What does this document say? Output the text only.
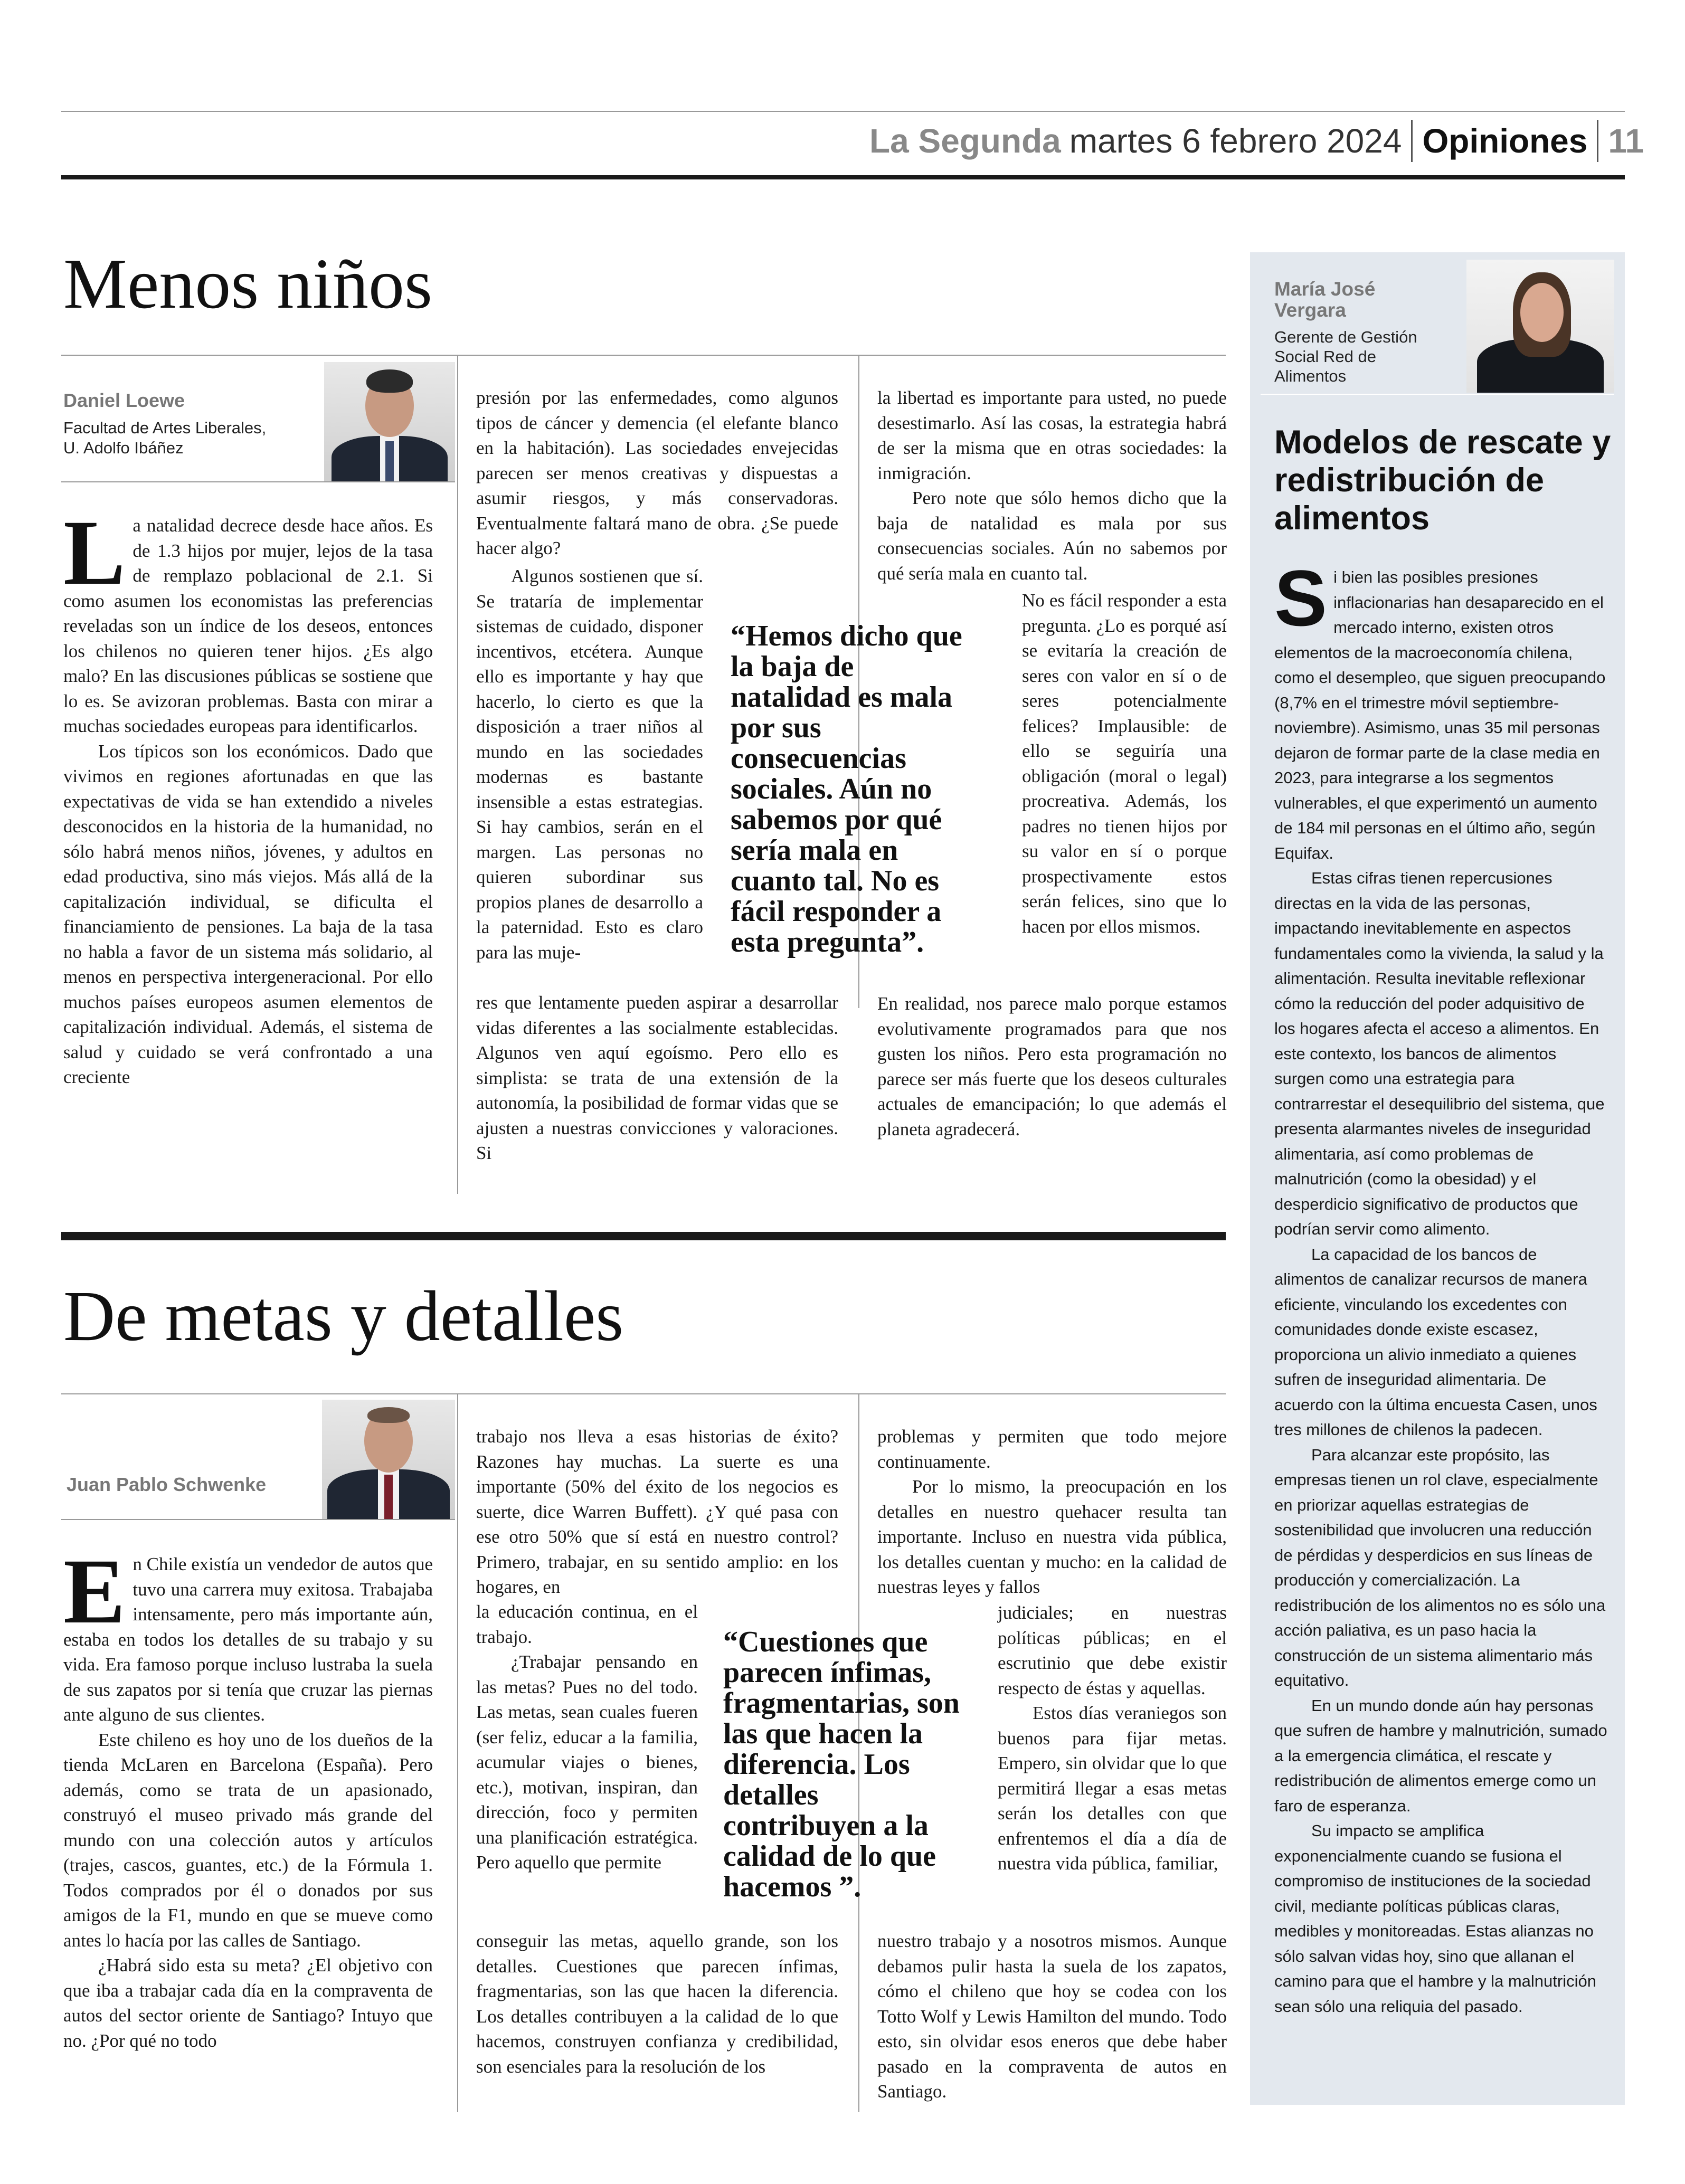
La Segunda martes 6 febrero 2024 Opiniones 11
Menos niños
Daniel Loewe
Facultad de Artes Liberales,
U. Adolfo Ibáñez
L a natalidad decrece desde hace años. Es de 1.3 hijos por mujer, lejos de la tasa de remplazo poblacional de 2.1. Si como asumen los economistas las preferencias reveladas son un índice de los deseos, entonces los chilenos no quieren tener hijos. ¿Es algo malo? En las discusiones públicas se sostiene que lo es. Se avizoran problemas. Basta con mirar a muchas sociedades europeas para identificarlos.

Los típicos son los económicos. Dado que vivimos en regiones afortunadas en que las expectativas de vida se han extendido a niveles desconocidos en la historia de la humanidad, no sólo habrá menos niños, jóvenes, y adultos en edad productiva, sino más viejos. Más allá de la capitalización individual, se dificulta el financiamiento de pensiones. La baja de la tasa no habla a favor de un sistema más solidario, al menos en perspectiva intergeneracional. Por ello muchos países europeos asumen elementos de capitalización individual. Además, el sistema de salud y cuidado se verá confrontado a una creciente

presión por las enfermedades, como algunos tipos de cáncer y demencia (el elefante blanco en la habitación). Las sociedades envejecidas parecen ser menos creativas y dispuestas a asumir riesgos, y más conservadoras. Eventualmente faltará mano de obra. ¿Se puede hacer algo?

Algunos sostienen que sí. Se trataría de implementar sistemas de cuidado, disponer incentivos, etcétera. Aunque ello es importante y hay que hacerlo, lo cierto es que la disposición a traer niños al mundo en las sociedades modernas es bastante insensible a estas estrategias. Si hay cambios, serán en el margen. Las personas no quieren subordinar sus propios planes de desarrollo a la paternidad. Esto es claro para las muje-

res que lentamente pueden aspirar a desarrollar vidas diferentes a las socialmente establecidas. Algunos ven aquí egoísmo. Pero ello es simplista: se trata de una extensión de la autonomía, la posibilidad de formar vidas que se ajusten a nuestras convicciones y valoraciones. Si

“Hemos dicho que la baja de natalidad es mala por sus consecuencias sociales. Aún no sabemos por qué sería mala en cuanto tal. No es fácil responder a esta pregunta”.

la libertad es importante para usted, no puede desestimarlo. Así las cosas, la estrategia habrá de ser la misma que en otras sociedades: la inmigración.

Pero note que sólo hemos dicho que la baja de natalidad es mala por sus consecuencias sociales. Aún no sabemos por qué sería mala en cuanto tal.

No es fácil responder a esta pregunta. ¿Lo es porqué así se evitaría la creación de seres con valor en sí o de seres potencialmente felices? Implausible: de ello se seguiría una obligación (moral o legal) procreativa. Además, los padres no tienen hijos por su valor en sí o porque prospectivamente estos serán felices, sino que lo hacen por ellos mismos.

En realidad, nos parece malo porque estamos evolutivamente programados para que nos gusten los niños. Pero esta programación no parece ser más fuerte que los deseos culturales actuales de emancipación; lo que además el planeta agradecerá.

De metas y detalles
Juan Pablo Schwenke
E n Chile existía un vendedor de autos que tuvo una carrera muy exitosa. Trabajaba intensamente, pero más importante aún, estaba en todos los detalles de su trabajo y su vida. Era famoso porque incluso lustraba la suela de sus zapatos por si tenía que cruzar las piernas ante alguno de sus clientes.

Este chileno es hoy uno de los dueños de la tienda McLaren en Barcelona (España). Pero además, como se trata de un apasionado, construyó el museo privado más grande del mundo con una colección autos y artículos (trajes, cascos, guantes, etc.) de la Fórmula 1. Todos comprados por él o donados por sus amigos de la F1, mundo en que se mueve como antes lo hacía por las calles de Santiago.

¿Habrá sido esta su meta? ¿El objetivo con que iba a trabajar cada día en la compraventa de autos del sector oriente de Santiago? Intuyo que no. ¿Por qué no todo

trabajo nos lleva a esas historias de éxito? Razones hay muchas. La suerte es una importante (50% del éxito de los negocios es suerte, dice Warren Buffett). ¿Y qué pasa con ese otro 50% que sí está en nuestro control? Primero, trabajar, en su sentido amplio: en los hogares, en

la educación continua, en el trabajo.

¿Trabajar pensando en las metas? Pues no del todo. Las metas, sean cuales fueren (ser feliz, educar a la familia, acumular viajes o bienes, etc.), motivan, inspiran, dan dirección, foco y permiten una planificación estratégica. Pero aquello que permite

conseguir las metas, aquello grande, son los detalles. Cuestiones que parecen ínfimas, fragmentarias, son las que hacen la diferencia. Los detalles contribuyen a la calidad de lo que hacemos, construyen confianza y credibilidad, son esenciales para la resolución de los

“Cuestiones que parecen ínfimas, fragmentarias, son las que hacen la diferencia. Los detalles contribuyen a la calidad de lo que hacemos ”.

problemas y permiten que todo mejore continuamente.

Por lo mismo, la preocupación en los detalles en nuestro quehacer resulta tan importante. Incluso en nuestra vida pública, los detalles cuentan y mucho: en la calidad de nuestras leyes y fallos

judiciales; en nuestras políticas públicas; en el escrutinio que debe existir respecto de éstas y aquellas.

Estos días veraniegos son buenos para fijar metas. Empero, sin olvidar que lo que permitirá llegar a esas metas serán los detalles con que enfrentemos el día a día de nuestra vida pública, familiar,

nuestro trabajo y a nosotros mismos. Aunque debamos pulir hasta la suela de los zapatos, cómo el chileno que hoy se codea con los Totto Wolf y Lewis Hamilton del mundo. Todo esto, sin olvidar esos eneros que debe haber pasado en la compraventa de autos en Santiago.

María José
Vergara
Gerente de Gestión
Social Red de
Alimentos
Modelos de rescate y redistribución de alimentos
S i bien las posibles presiones inflacionarias han desaparecido en el mercado interno, existen otros elementos de la macroeconomía chilena, como el desempleo, que siguen preocupando (8,7% en el trimestre móvil septiembre-noviembre). Asimismo, unas 35 mil personas dejaron de formar parte de la clase media en 2023, para integrarse a los segmentos vulnerables, el que experimentó un aumento de 184 mil personas en el último año, según Equifax.

Estas cifras tienen repercusiones directas en la vida de las personas, impactando inevitablemente en aspectos fundamentales como la vivienda, la salud y la alimentación. Resulta inevitable reflexionar cómo la reducción del poder adquisitivo de los hogares afecta el acceso a alimentos. En este contexto, los bancos de alimentos surgen como una estrategia para contrarrestar el desequilibrio del sistema, que presenta alarmantes niveles de inseguridad alimentaria, así como problemas de malnutrición (como la obesidad) y el desperdicio significativo de productos que podrían servir como alimento.

La capacidad de los bancos de alimentos de canalizar recursos de manera eficiente, vinculando los excedentes con comunidades donde existe escasez, proporciona un alivio inmediato a quienes sufren de inseguridad alimentaria. De acuerdo con la última encuesta Casen, unos tres millones de chilenos la padecen.

Para alcanzar este propósito, las empresas tienen un rol clave, especialmente en priorizar aquellas estrategias de sostenibilidad que involucren una reducción de pérdidas y desperdicios en sus líneas de producción y comercialización. La redistribución de los alimentos no es sólo una acción paliativa, es un paso hacia la construcción de un sistema alimentario más equitativo.

En un mundo donde aún hay personas que sufren de hambre y malnutrición, sumado a la emergencia climática, el rescate y redistribución de alimentos emerge como un faro de esperanza.

Su impacto se amplifica exponencialmente cuando se fusiona el compromiso de instituciones de la sociedad civil, mediante políticas públicas claras, medibles y monitoreadas. Estas alianzas no sólo salvan vidas hoy, sino que allanan el camino para que el hambre y la malnutrición sean sólo una reliquia del pasado.
